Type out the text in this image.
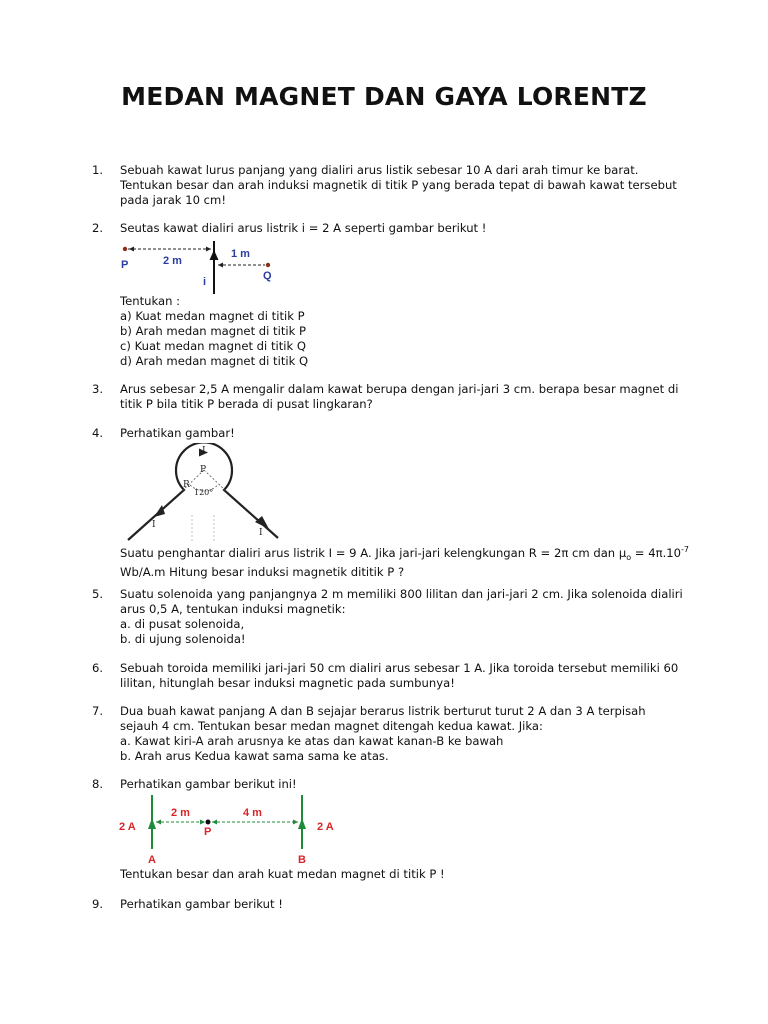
MEDAN MAGNET DAN GAYA LORENTZ
1. Sebuah kawat lurus panjang yang dialiri arus listik sebesar 10 A dari arah timur ke barat.
Tentukan besar dan arah induksi magnetik di titik P yang berada tepat di bawah kawat tersebut
pada jarak 10 cm!
2. Seutas kawat dialiri arus listrik i = 2 A seperti gambar berikut !
P	2 m
1 m
Q
i
Tentukan :
a) Kuat medan magnet di titik P
b) Arah medan magnet di titik P
c) Kuat medan magnet di titik Q
d) Arah medan magnet di titik Q
3. Arus sebesar 2,5 A mengalir dalam kawat berupa dengan jari-jari 3 cm. berapa besar magnet di
titik P bila titik P berada di pusat lingkaran?
4. Perhatikan gambar!
I
P
R
120°
I
I
Suatu penghantar dialiri arus listrik I = 9 A. Jika jari-jari kelengkungan R = 2π cm dan $\mu_o = 4\pi.10^{-7}$
Wb/A.m Hitung besar induksi magnetik dititik P ?
5. Suatu solenoida yang panjangnya 2 m memiliki 800 lilitan dan jari-jari 2 cm. Jika solenoida dialiri
arus 0,5 A, tentukan induksi magnetik:
a. di pusat solenoida,
b. di ujung solenoida!
6. Sebuah toroida memiliki jari-jari 50 cm dialiri arus sebesar 1 A. Jika toroida tersebut memiliki 60
lilitan, hitunglah besar induksi magnetic pada sumbunya!
7. Dua buah kawat panjang A dan B sejajar berarus listrik berturut turut 2 A dan 3 A terpisah
sejauh 4 cm. Tentukan besar medan magnet ditengah kedua kawat. Jika:
a. Kawat kiri-A arah arusnya ke atas dan kawat kanan-B ke bawah
b. Arah arus Kedua kawat sama sama ke atas.
8. Perhatikan gambar berikut ini!
2 A	2 A
2 m	4 m
P
A	B
Tentukan besar dan arah kuat medan magnet di titik P !
9. Perhatikan gambar berikut !
